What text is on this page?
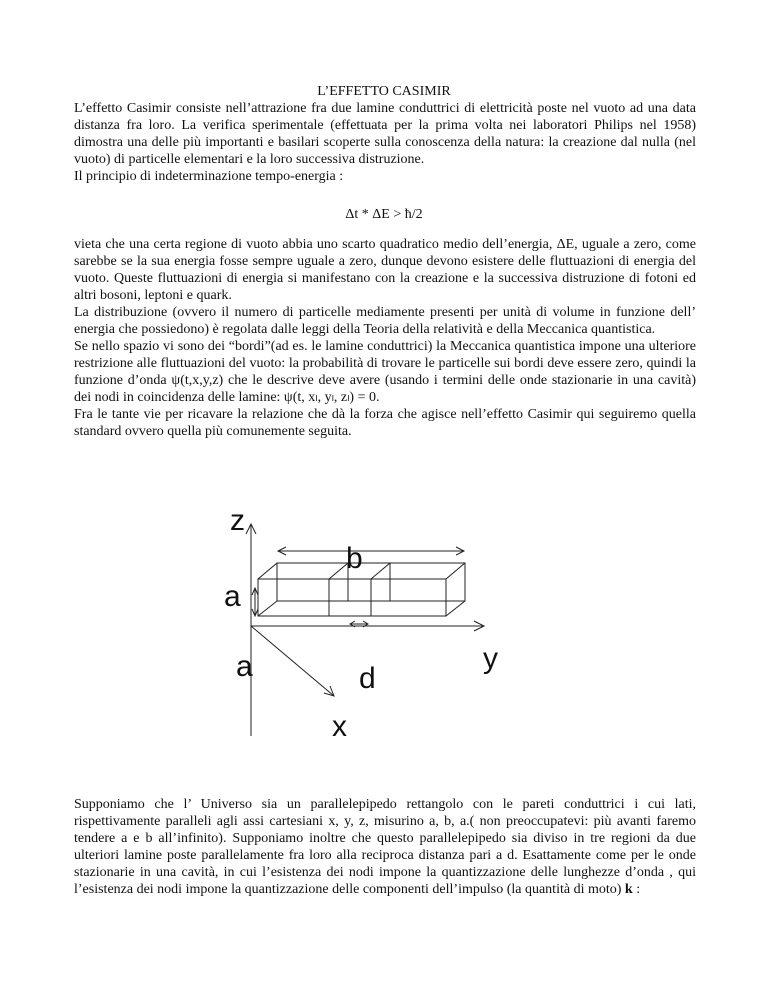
L’EFFETTO CASIMIR

L’effetto Casimir consiste nell’attrazione fra due lamine conduttrici di elettricità poste nel vuoto ad una data distanza fra loro. La verifica sperimentale (effettuata per la prima volta nei laboratori Philips nel 1958) dimostra una delle più importanti e basilari scoperte sulla conoscenza della natura: la creazione dal nulla (nel vuoto) di particelle elementari e la loro successiva distruzione.

Il principio di indeterminazione tempo-energia :

Δt * ΔE > ħ/2

vieta che una certa regione di vuoto abbia uno scarto quadratico medio dell’energia, ΔE, uguale a zero, come sarebbe se la sua energia fosse sempre uguale a zero, dunque devono esistere delle fluttuazioni di energia del vuoto. Queste fluttuazioni di energia si manifestano con la creazione e la successiva distruzione di fotoni ed altri bosoni, leptoni e quark.

La distribuzione (ovvero il numero di particelle mediamente presenti per unità di volume in funzione dell’ energia che possiedono) è regolata dalle leggi della Teoria della relatività e della Meccanica quantistica.

Se nello spazio vi sono dei “bordi”(ad es. le lamine conduttrici) la Meccanica quantistica impone una ulteriore restrizione alle fluttuazioni del vuoto: la probabilità di trovare le particelle sui bordi deve essere zero, quindi la funzione d’onda ψ(t,x,y,z) che le descrive deve avere (usando i termini delle onde stazionarie in una cavità) dei nodi in coincidenza delle lamine: ψ(t, xₗ, yₗ, zₗ) = 0.

Fra le tante vie per ricavare la relazione che dà la forza che agisce nell’effetto Casimir qui seguiremo quella standard ovvero quella più comunemente seguita.

z
a
a
b
d
y
x

Supponiamo che l’ Universo sia un parallelepipedo rettangolo con le pareti conduttrici i cui lati, rispettivamente paralleli agli assi cartesiani x, y, z, misurino a, b, a.( non preoccupatevi: più avanti faremo tendere a e b all’infinito). Supponiamo inoltre che questo parallelepipedo sia diviso in tre regioni da due ulteriori lamine poste parallelamente fra loro alla reciproca distanza pari a d. Esattamente come per le onde stazionarie in una cavità, in cui l’esistenza dei nodi impone la quantizzazione delle lunghezze d’onda , qui l’esistenza dei nodi impone la quantizzazione delle componenti dell’impulso (la quantità di moto) k :
